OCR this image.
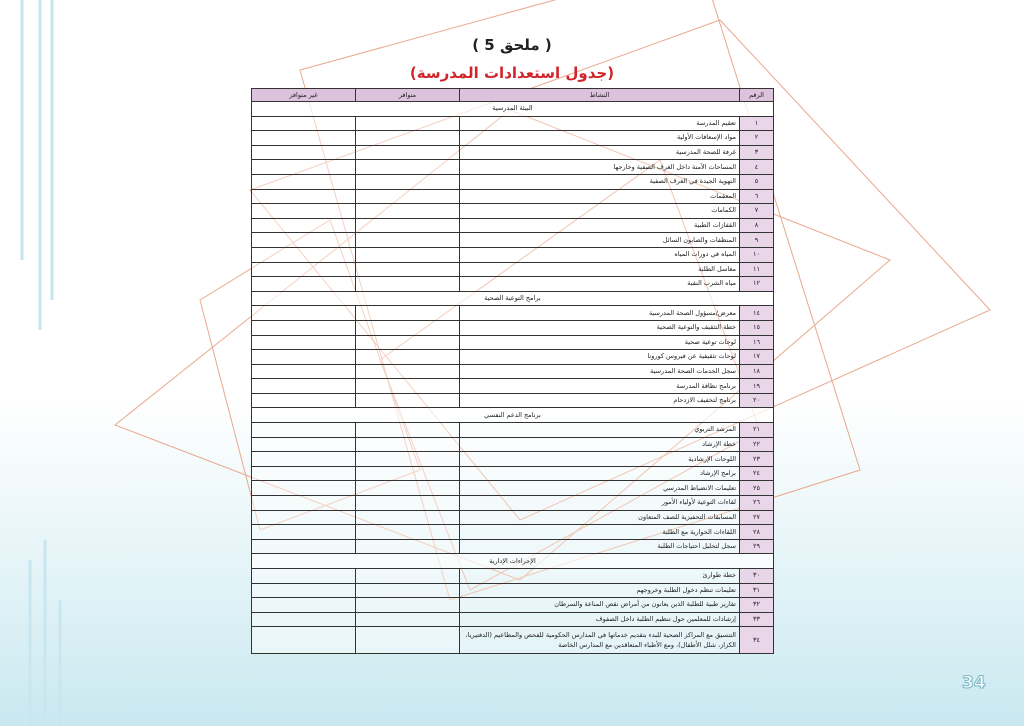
( ملحق 5 )
(جدول استعدادات المدرسة)
الرقم	النشاط	متوافر	غير متوافر
البيئة المدرسية			
١	تعقيم المدرسة		
٢	مواد الإسعافات الأولية		
٣	غرفة للصحة المدرسية		
٤	المساحات الآمنة داخل الغرف الصفية وخارجها		
٥	التهوية الجيدة في الغرف الصفية		
٦	المعقمات		
٧	الكمامات		
٨	القفازات الطبية		
٩	المنظفات والصابون السائل		
١٠	المياه في دورات المياه		
١١	مغاسل الطلبة		
١٢	مياه الشرب النقية		
برامج التوعية الصحية			
١٤	معرض/مسؤول الصحة المدرسية		
١٥	خطة التثقيف والتوعية الصحية		
١٦	لوحات توعية صحية		
١٧	لوحات تثقيفية عن فيروس كورونا		
١٨	سجل الخدمات الصحة المدرسية		
١٩	برنامج نظافة المدرسة		
٢٠	برنامج لتخفيف الازدحام		
برنامج الدعم النفسي			
٢١	المرشد التربوي		
٢٢	خطة الإرشاد		
٢٣	اللوحات الإرشادية		
٢٤	برامج الإرشاد		
٢٥	تعليمات الانضباط المدرسي		
٢٦	لقاءات التوعية لأولياء الأمور		
٢٧	المسابقات التحفيزية للصف المتعاون		
٢٨	اللقاءات الحوارية مع الطلبة		
٢٩	سجل لتحليل احتياجات الطلبة		
الإجراءات الإدارية			
٣٠	خطة طوارئ		
٣١	تعليمات تنظم دخول الطلبة وخروجهم		
٣٢	تقارير طبية للطلبة الذين يعانون من أمراض نقص المناعة والسرطان		
٣٣	إرشادات للمعلمين حول تنظيم الطلبة داخل الصفوف		
٣٤	التنسيق مع المراكز الصحية للبدء بتقديم خدماتها في المدارس الحكومية للفحص والمطاعيم (الدفتيريا، الكزاز، شلل الأطفال)، ومع الأطباء المتعاقدين مع المدارس الخاصة		
34
